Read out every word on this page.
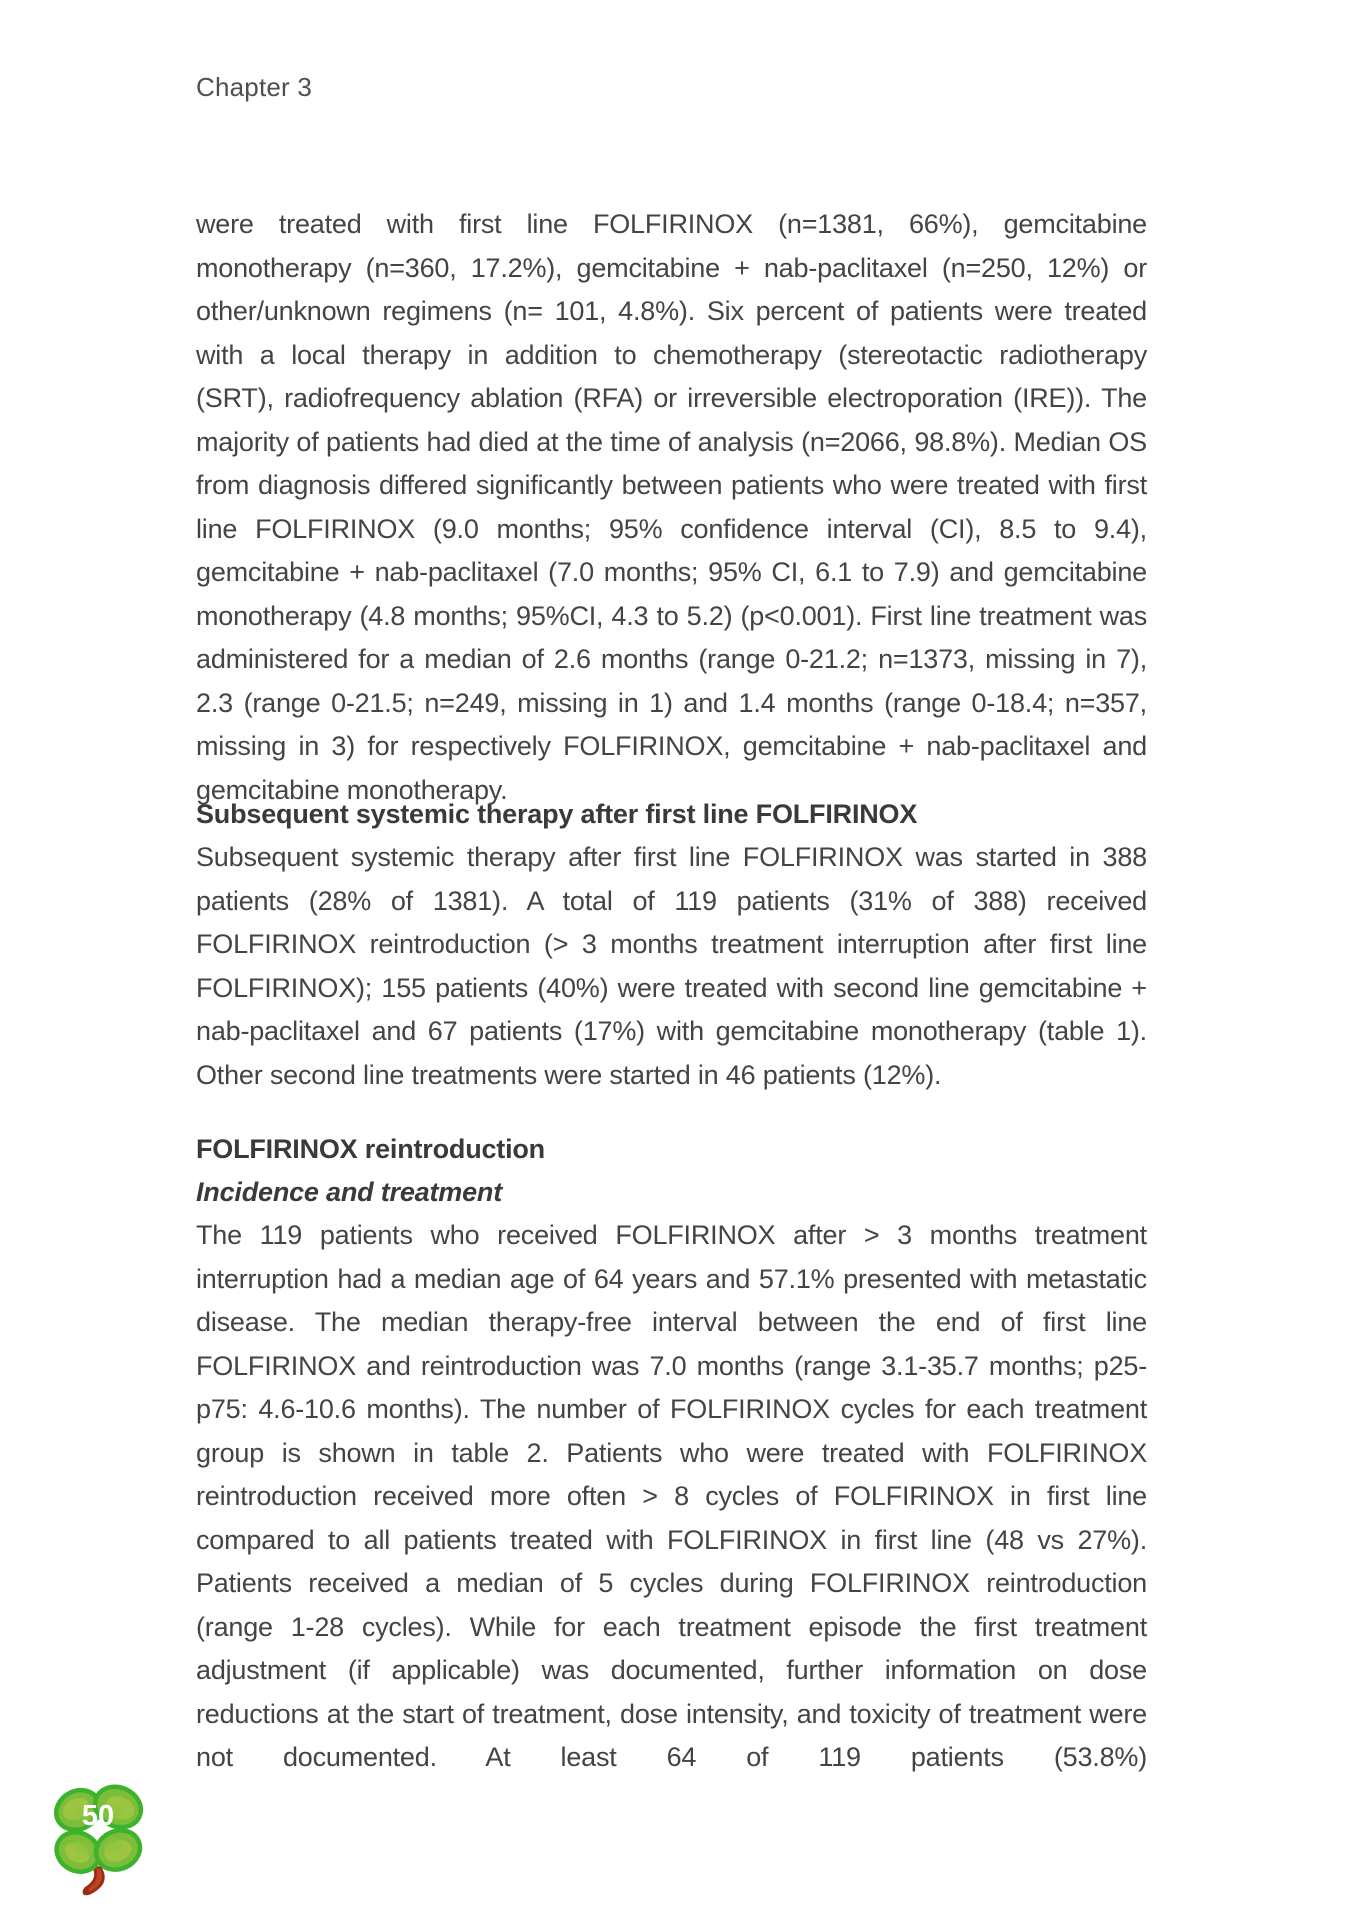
Chapter 3
were treated with first line FOLFIRINOX (n=1381, 66%), gemcitabine monotherapy (n=360, 17.2%), gemcitabine + nab-paclitaxel (n=250, 12%) or other/unknown regimens (n= 101, 4.8%). Six percent of patients were treated with a local therapy in addition to chemotherapy (stereotactic radiotherapy (SRT), radiofrequency ablation (RFA) or irreversible electroporation (IRE)). The majority of patients had died at the time of analysis (n=2066, 98.8%). Median OS from diagnosis differed significantly between patients who were treated with first line FOLFIRINOX (9.0 months; 95% confidence interval (CI), 8.5 to 9.4), gemcitabine + nab-paclitaxel (7.0 months; 95% CI, 6.1 to 7.9) and gemcitabine monotherapy (4.8 months; 95%CI, 4.3 to 5.2) (p<0.001). First line treatment was administered for a median of 2.6 months (range 0-21.2; n=1373, missing in 7), 2.3 (range 0-21.5; n=249, missing in 1) and 1.4 months (range 0-18.4; n=357, missing in 3) for respectively FOLFIRINOX, gemcitabine + nab-paclitaxel and gemcitabine monotherapy.
Subsequent systemic therapy after first line FOLFIRINOX
Subsequent systemic therapy after first line FOLFIRINOX was started in 388 patients (28% of 1381). A total of 119 patients (31% of 388) received FOLFIRINOX reintroduction (> 3 months treatment interruption after first line FOLFIRINOX); 155 patients (40%) were treated with second line gemcitabine + nab-paclitaxel and 67 patients (17%) with gemcitabine monotherapy (table 1). Other second line treatments were started in 46 patients (12%).
FOLFIRINOX reintroduction
Incidence and treatment
The 119 patients who received FOLFIRINOX after > 3 months treatment interruption had a median age of 64 years and 57.1% presented with metastatic disease. The median therapy-free interval between the end of first line FOLFIRINOX and reintroduction was 7.0 months (range 3.1-35.7 months; p25-p75: 4.6-10.6 months). The number of FOLFIRINOX cycles for each treatment group is shown in table 2. Patients who were treated with FOLFIRINOX reintroduction received more often > 8 cycles of FOLFIRINOX in first line compared to all patients treated with FOLFIRINOX in first line (48 vs 27%). Patients received a median of 5 cycles during FOLFIRINOX reintroduction (range 1-28 cycles). While for each treatment episode the first treatment adjustment (if applicable) was documented, further information on dose reductions at the start of treatment, dose intensity, and toxicity of treatment were not documented. At least 64 of 119 patients (53.8%)
50
